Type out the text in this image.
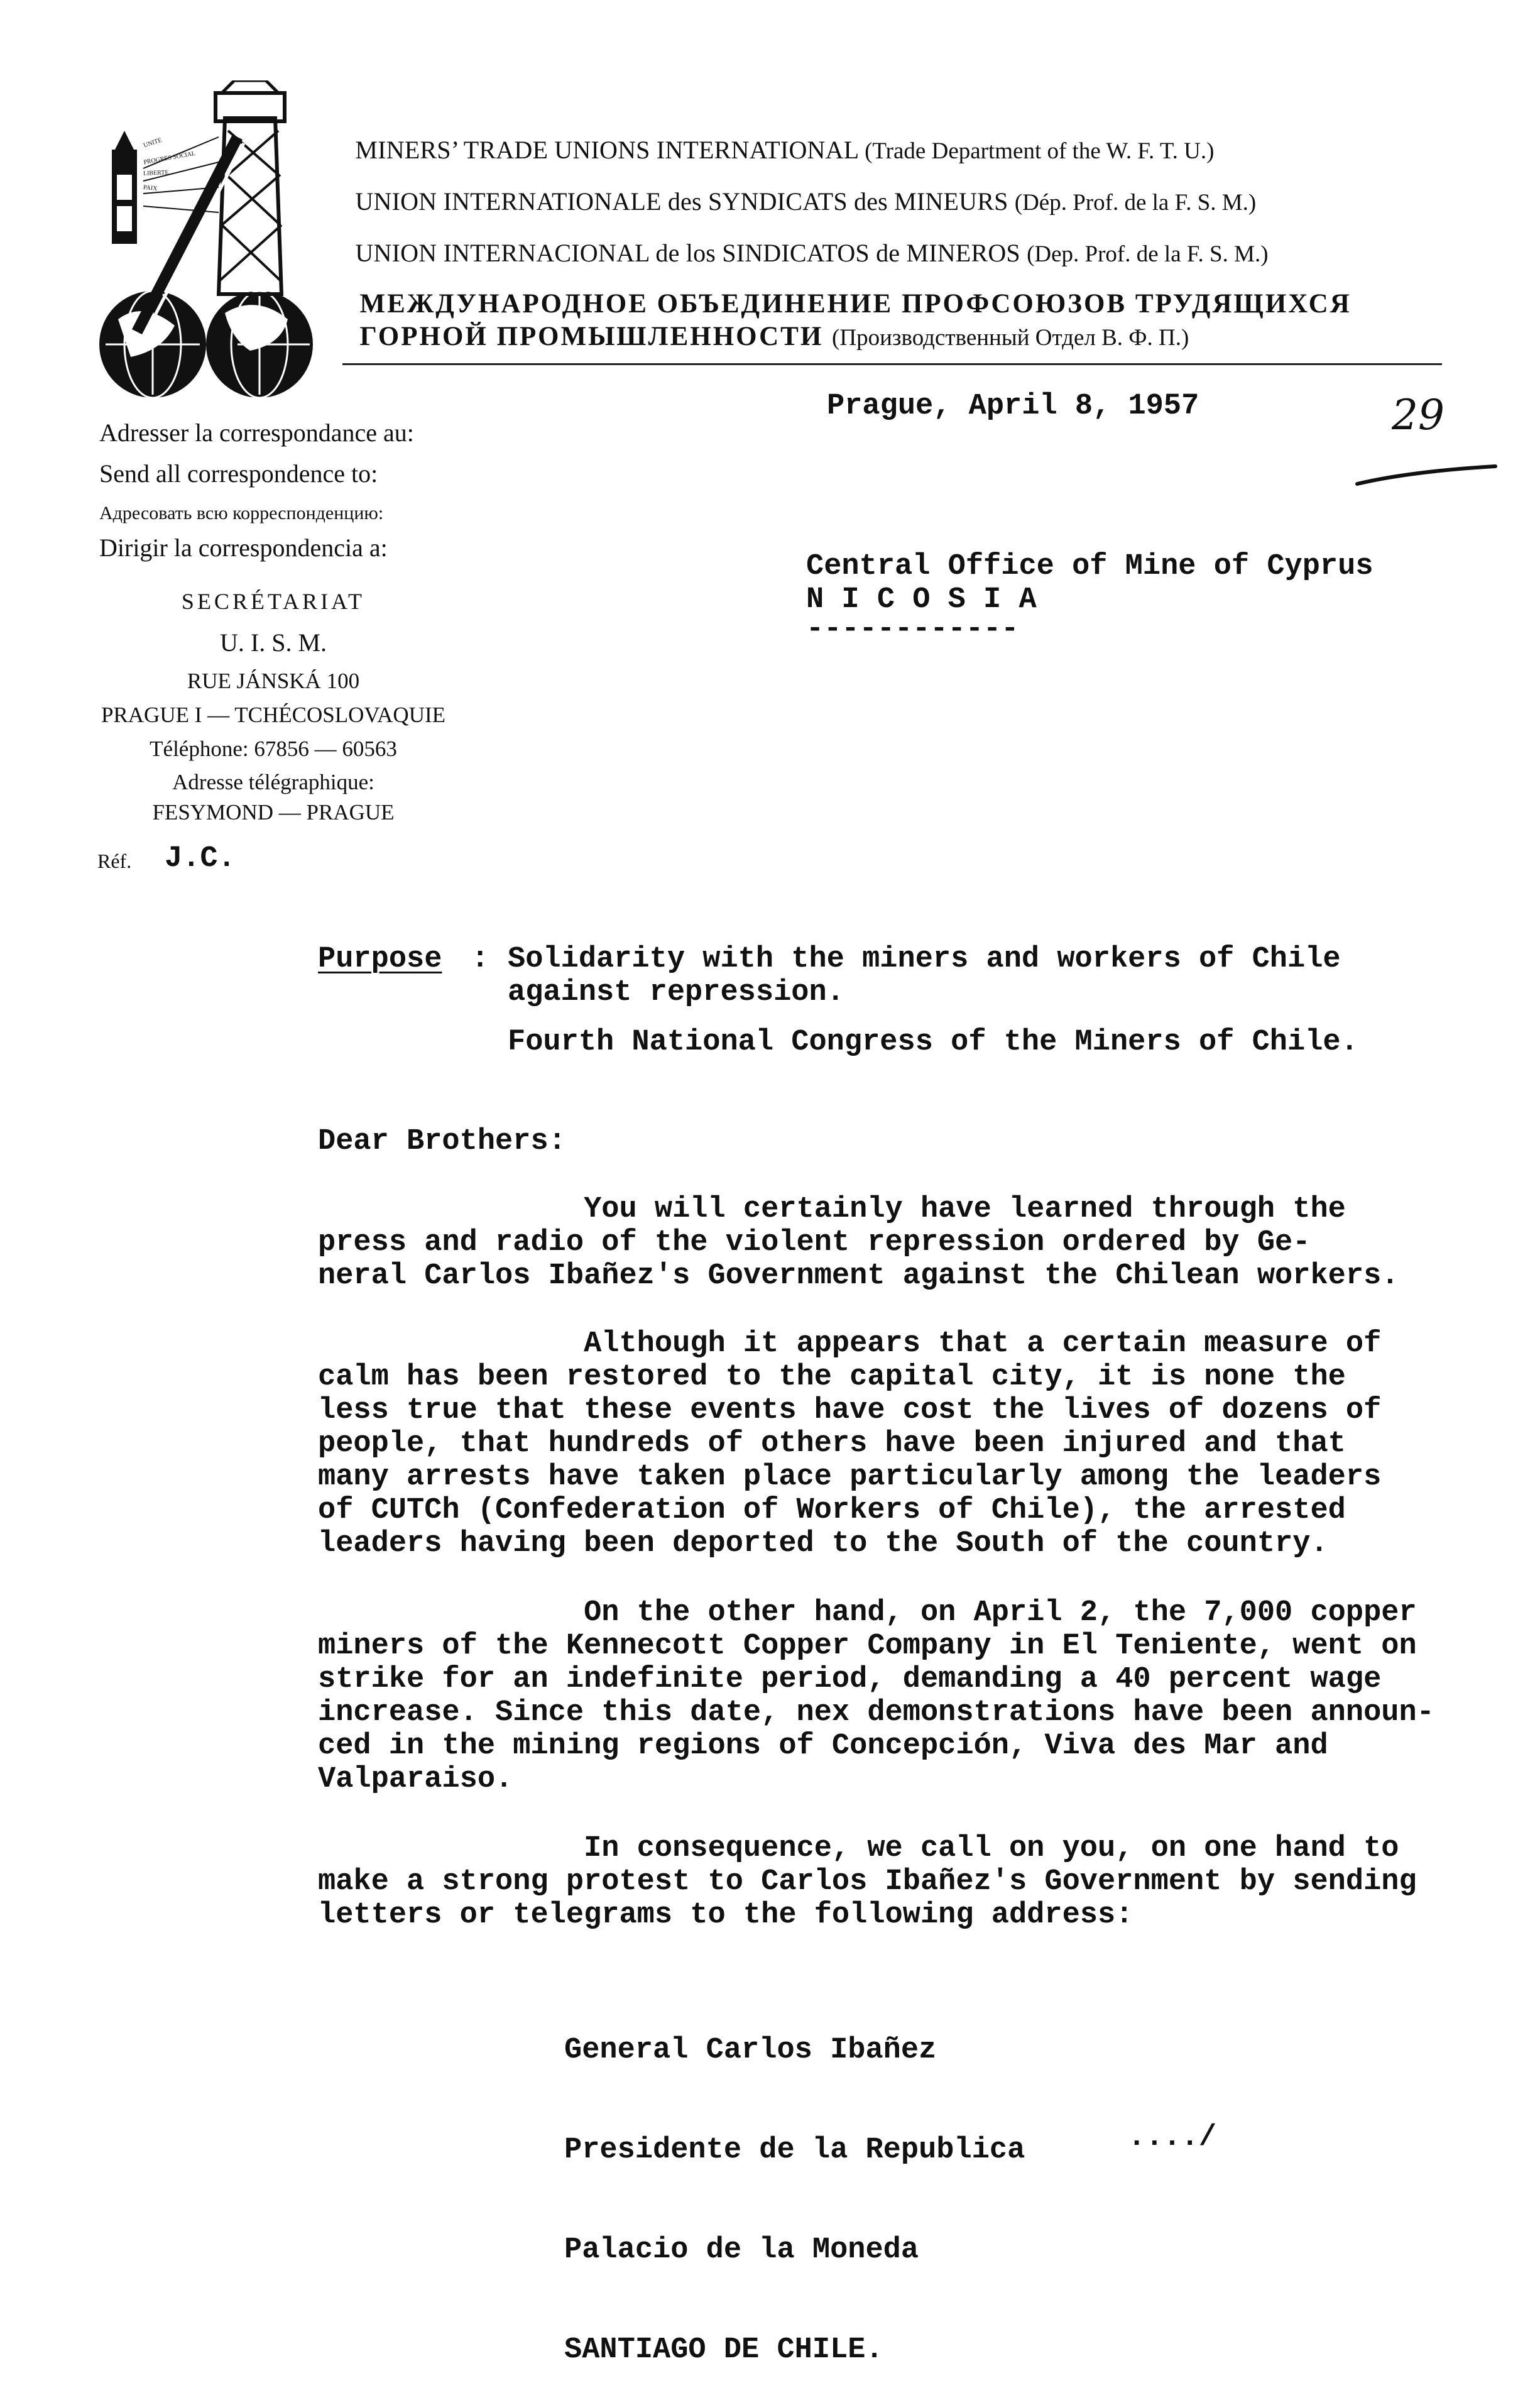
UNITE
PROGRES SOCIAL
LIBERTE
PAIX

MINERS’ TRADE UNIONS INTERNATIONAL (Trade Department of the W. F. T. U.)

UNION INTERNATIONALE des SYNDICATS des MINEURS (Dép. Prof. de la F. S. M.)

UNION INTERNACIONAL de los SINDICATOS de MINEROS (Dep. Prof. de la F. S. M.)

МЕЖДУНАРОДНОЕ ОБЪЕДИНЕНИЕ ПРОФСОЮЗОВ ТРУДЯЩИХСЯ

ГОРНОЙ ПРОМЫШЛЕННОСТИ (Производственный Отдел В. Ф. П.)

Adresser la correspondance au:
Send all correspondence to:
Адресовать всю корреспонденцию:
Dirigir la correspondencia a:
SECRÉTARIAT
U. I. S. M.
RUE JÁNSKÁ 100
PRAGUE I — TCHÉCOSLOVAQUIE
Téléphone: 67856 — 60563
Adresse télégraphique:
FESYMOND — PRAGUE
Réf. J.C.
Prague, April 8, 1957	29
Central Office of Mine of Cyprus
N I C O S I A
------------
Purpose : Solidarity with the miners and workers of Chile
against repression.
Fourth National Congress of the Miners of Chile.
Dear Brothers:
You will certainly have learned through the
press and radio of the violent repression ordered by Ge-
neral Carlos Ibañez's Government against the Chilean workers.
Although it appears that a certain measure of
calm has been restored to the capital city, it is none the
less true that these events have cost the lives of dozens of
people, that hundreds of others have been injured and that
many arrests have taken place particularly among the leaders
of CUTCh (Confederation of Workers of Chile), the arrested
leaders having been deported to the South of the country.
On the other hand, on April 2, the 7,000 copper
miners of the Kennecott Copper Company in El Teniente, went on
strike for an indefinite period, demanding a 40 percent wage
increase. Since this date, nex demonstrations have been announ-
ced in the mining regions of Concepción, Viva des Mar and
Valparaiso.
In consequence, we call on you, on one hand to
make a strong protest to Carlos Ibañez's Government by sending
letters or telegrams to the following address:

General Carlos Ibañez

Presidente de la Republica

Palacio de la Moneda

SANTIAGO DE CHILE.

..../
